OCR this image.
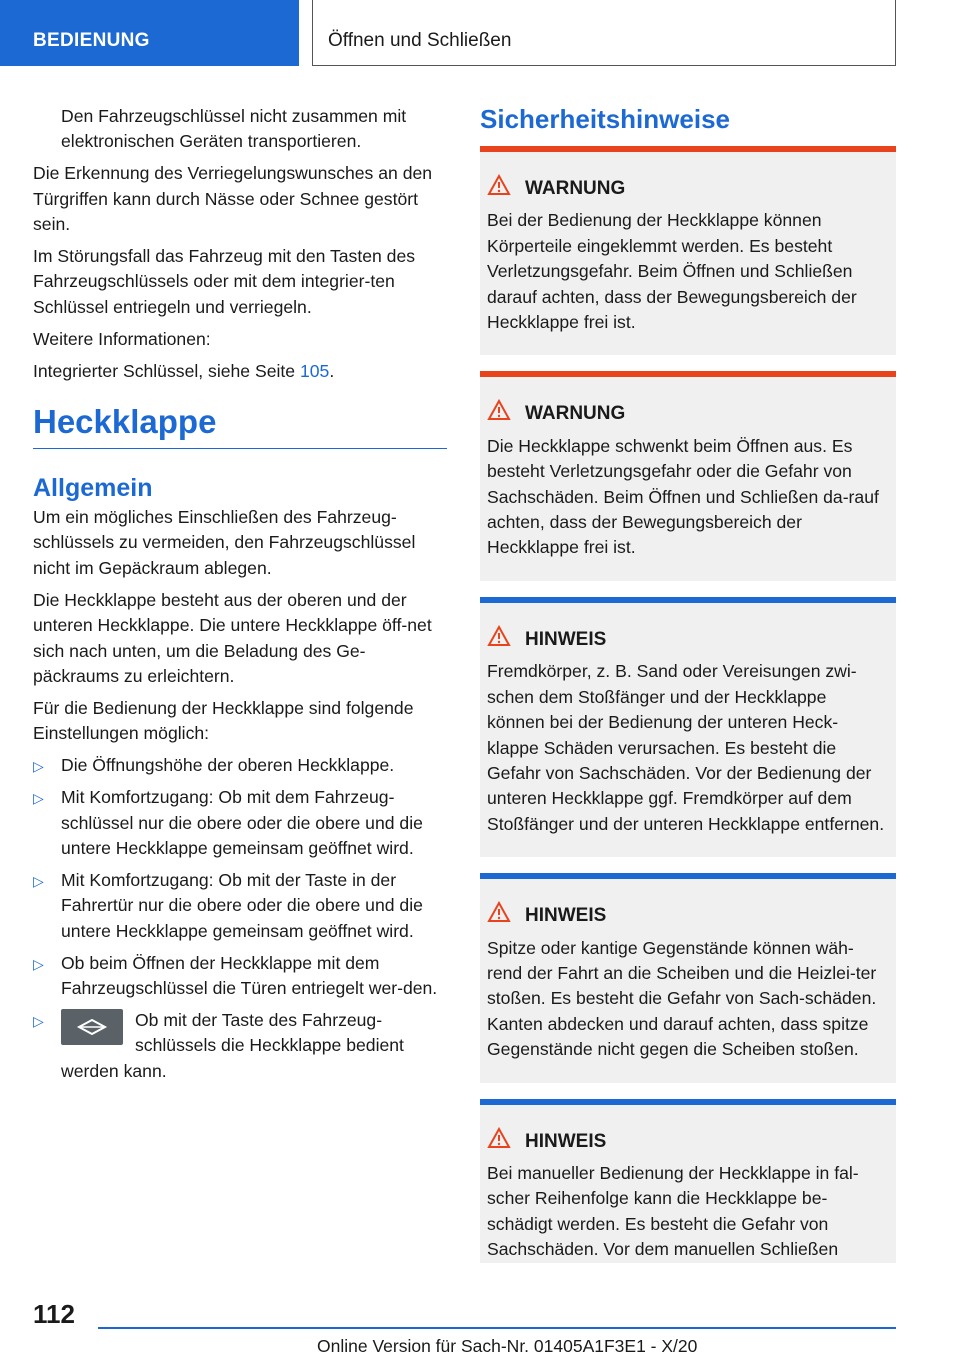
BEDIENUNG	Öffnen und Schließen

Den Fahrzeugschlüssel nicht zusammen mit elektronischen Geräten transportieren.

Die Erkennung des Verriegelungswunsches an den Türgriffen kann durch Nässe oder Schnee gestört sein.

Im Störungsfall das Fahrzeug mit den Tasten des Fahrzeugschlüssels oder mit dem integrier-ten Schlüssel entriegeln und verriegeln.

Weitere Informationen:

Integrierter Schlüssel, siehe Seite 105.

Heckklappe
Allgemein

Um ein mögliches Einschließen des Fahrzeug-schlüssels zu vermeiden, den Fahrzeugschlüssel nicht im Gepäckraum ablegen.

Die Heckklappe besteht aus der oberen und der unteren Heckklappe. Die untere Heckklappe öff-net sich nach unten, um die Beladung des Ge-päckraums zu erleichtern.

Für die Bedienung der Heckklappe sind folgende Einstellungen möglich:

▷ Die Öffnungshöhe der oberen Heckklappe.
▷ Mit Komfortzugang: Ob mit dem Fahrzeug-schlüssel nur die obere oder die obere und die untere Heckklappe gemeinsam geöffnet wird.
▷ Mit Komfortzugang: Ob mit der Taste in der Fahrertür nur die obere oder die obere und die untere Heckklappe gemeinsam geöffnet wird.
▷ Ob beim Öffnen der Heckklappe mit dem Fahrzeugschlüssel die Türen entriegelt wer-den.
▷	Ob mit der Taste des Fahrzeug-schlüssels die Heckklappe bedient werden kann.
Sicherheitshinweise
WARNUNG
Bei der Bedienung der Heckklappe können Körperteile eingeklemmt werden. Es besteht Verletzungsgefahr. Beim Öffnen und Schließen darauf achten, dass der Bewegungsbereich der Heckklappe frei ist.
WARNUNG
Die Heckklappe schwenkt beim Öffnen aus. Es besteht Verletzungsgefahr oder die Gefahr von Sachschäden. Beim Öffnen und Schließen da-rauf achten, dass der Bewegungsbereich der Heckklappe frei ist.
HINWEIS
Fremdkörper, z. B. Sand oder Vereisungen zwi-schen dem Stoßfänger und der Heckklappe können bei der Bedienung der unteren Heck-klappe Schäden verursachen. Es besteht die Gefahr von Sachschäden. Vor der Bedienung der unteren Heckklappe ggf. Fremdkörper auf dem Stoßfänger und der unteren Heckklappe entfernen.
HINWEIS
Spitze oder kantige Gegenstände können wäh-rend der Fahrt an die Scheiben und die Heizlei-ter stoßen. Es besteht die Gefahr von Sach-schäden. Kanten abdecken und darauf achten, dass spitze Gegenstände nicht gegen die Scheiben stoßen.
HINWEIS
Bei manueller Bedienung der Heckklappe in fal-scher Reihenfolge kann die Heckklappe be-schädigt werden. Es besteht die Gefahr von Sachschäden. Vor dem manuellen Schließen
112
Online Version für Sach-Nr. 01405A1F3E1 - X/20
